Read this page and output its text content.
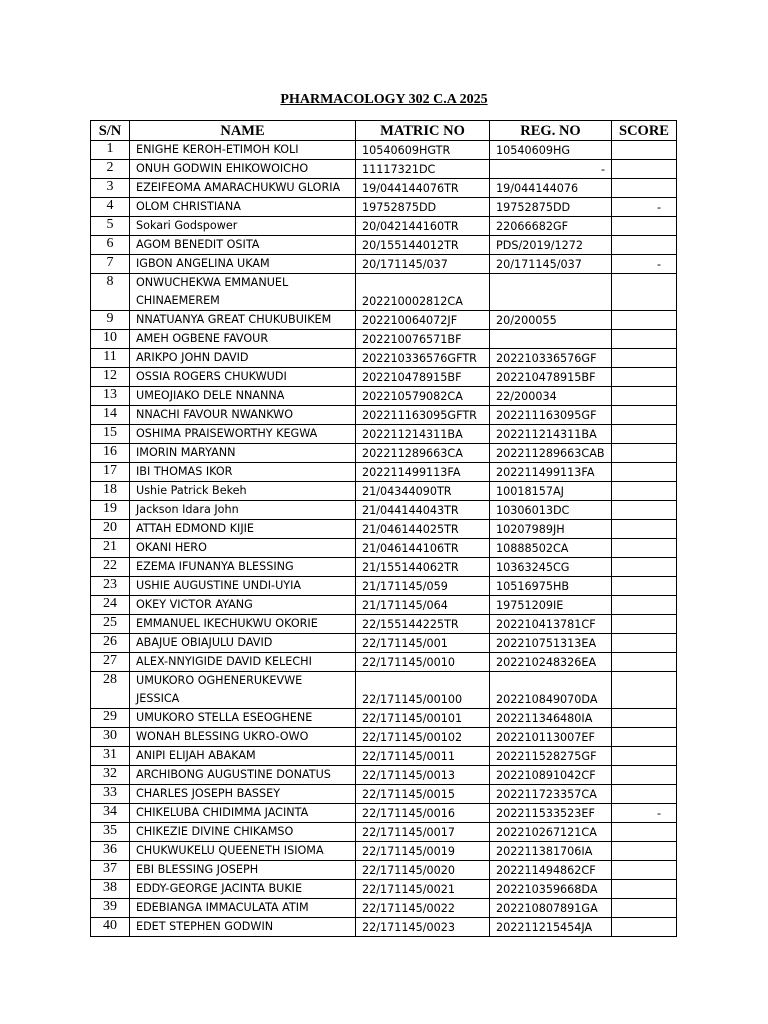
PHARMACOLOGY 302 C.A 2025
S/N	NAME	MATRIC NO	REG. NO	SCORE
1	ENIGHE KEROH-ETIMOH KOLI	10540609HGTR	10540609HG	
2	ONUH GODWIN EHIKOWOICHO	11117321DC	-	
3	EZEIFEOMA AMARACHUKWU GLORIA	19/044144076TR	19/044144076	
4	OLOM CHRISTIANA	19752875DD	19752875DD	-
5	Sokari Godspower	20/042144160TR	22066682GF	
6	AGOM BENEDIT OSITA	20/155144012TR	PDS/2019/1272	
7	IGBON ANGELINA UKAM	20/171145/037	20/171145/037	-
8	ONWUCHEKWA EMMANUEL
CHINAEMEREM	202210002812CA		
9	NNATUANYA GREAT CHUKUBUIKEM	202210064072JF	20/200055	
10	AMEH OGBENE FAVOUR	202210076571BF		
11	ARIKPO JOHN DAVID	202210336576GFTR	202210336576GF	
12	OSSIA ROGERS CHUKWUDI	202210478915BF	202210478915BF	
13	UMEOJIAKO DELE NNANNA	202210579082CA	22/200034	
14	NNACHI FAVOUR NWANKWO	202211163095GFTR	202211163095GF	
15	OSHIMA PRAISEWORTHY KEGWA	202211214311BA	202211214311BA	
16	IMORIN MARYANN	202211289663CA	202211289663CAB	
17	IBI THOMAS IKOR	202211499113FA	202211499113FA	
18	Ushie Patrick Bekeh	21/04344090TR	10018157AJ	
19	Jackson Idara John	21/044144043TR	10306013DC	
20	ATTAH EDMOND KIJIE	21/046144025TR	10207989JH	
21	OKANI HERO	21/046144106TR	10888502CA	
22	EZEMA IFUNANYA BLESSING	21/155144062TR	10363245CG	
23	USHIE AUGUSTINE UNDI-UYIA	21/171145/059	10516975HB	
24	OKEY VICTOR AYANG	21/171145/064	19751209IE	
25	EMMANUEL IKECHUKWU OKORIE	22/155144225TR	202210413781CF	
26	ABAJUE OBIAJULU DAVID	22/171145/001	202210751313EA	
27	ALEX-NNYIGIDE DAVID KELECHI	22/171145/0010	202210248326EA	
28	UMUKORO OGHENERUKEVWE
JESSICA	22/171145/00100	202210849070DA	
29	UMUKORO STELLA ESEOGHENE	22/171145/00101	202211346480IA	
30	WONAH BLESSING UKRO-OWO	22/171145/00102	202210113007EF	
31	ANIPI ELIJAH ABAKAM	22/171145/0011	202211528275GF	
32	ARCHIBONG AUGUSTINE DONATUS	22/171145/0013	202210891042CF	
33	CHARLES JOSEPH BASSEY	22/171145/0015	202211723357CA	
34	CHIKELUBA CHIDIMMA JACINTA	22/171145/0016	202211533523EF	-
35	CHIKEZIE DIVINE CHIKAMSO	22/171145/0017	202210267121CA	
36	CHUKWUKELU QUEENETH ISIOMA	22/171145/0019	202211381706IA	
37	EBI BLESSING JOSEPH	22/171145/0020	202211494862CF	
38	EDDY-GEORGE JACINTA BUKIE	22/171145/0021	202210359668DA	
39	EDEBIANGA IMMACULATA ATIM	22/171145/0022	202210807891GA	
40	EDET STEPHEN GODWIN	22/171145/0023	202211215454JA	
